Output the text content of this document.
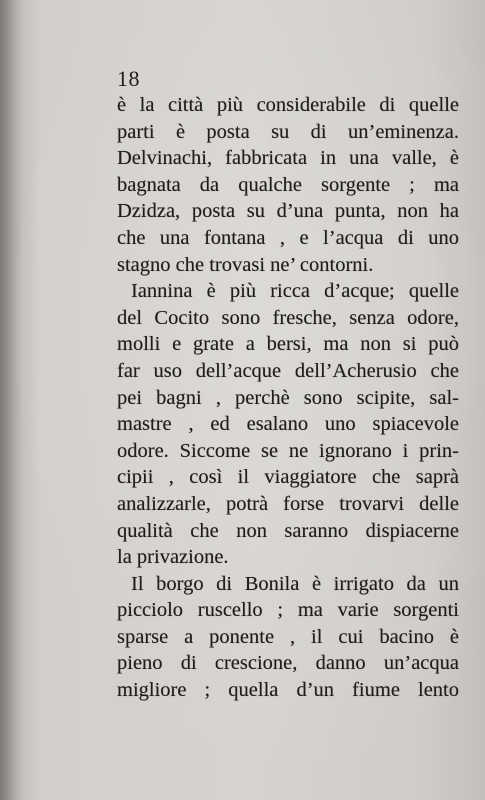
18
è la città più considerabile di quelle
parti è posta su di un’eminenza.
Delvinachi, fabbricata in una valle, è
bagnata da qualche sorgente ; ma
Dzidza, posta su d’una punta, non ha
che una fontana , e l’acqua di uno
stagno che trovasi ne’ contorni.
Iannina è più ricca d’acque; quelle
del Cocito sono fresche, senza odore,
molli e grate a bersi, ma non si può
far uso dell’acque dell’Acherusio che
pei bagni , perchè sono scipite, sal-
mastre , ed esalano uno spiacevole
odore. Siccome se ne ignorano i prin-
cipii , così il viaggiatore che saprà
analizzarle, potrà forse trovarvi delle
qualità che non saranno dispiacerne
la privazione.
Il borgo di Bonila è irrigato da un
picciolo ruscello ; ma varie sorgenti
sparse a ponente , il cui bacino è
pieno di crescione, danno un’acqua
migliore ; quella d’un fiume lento
